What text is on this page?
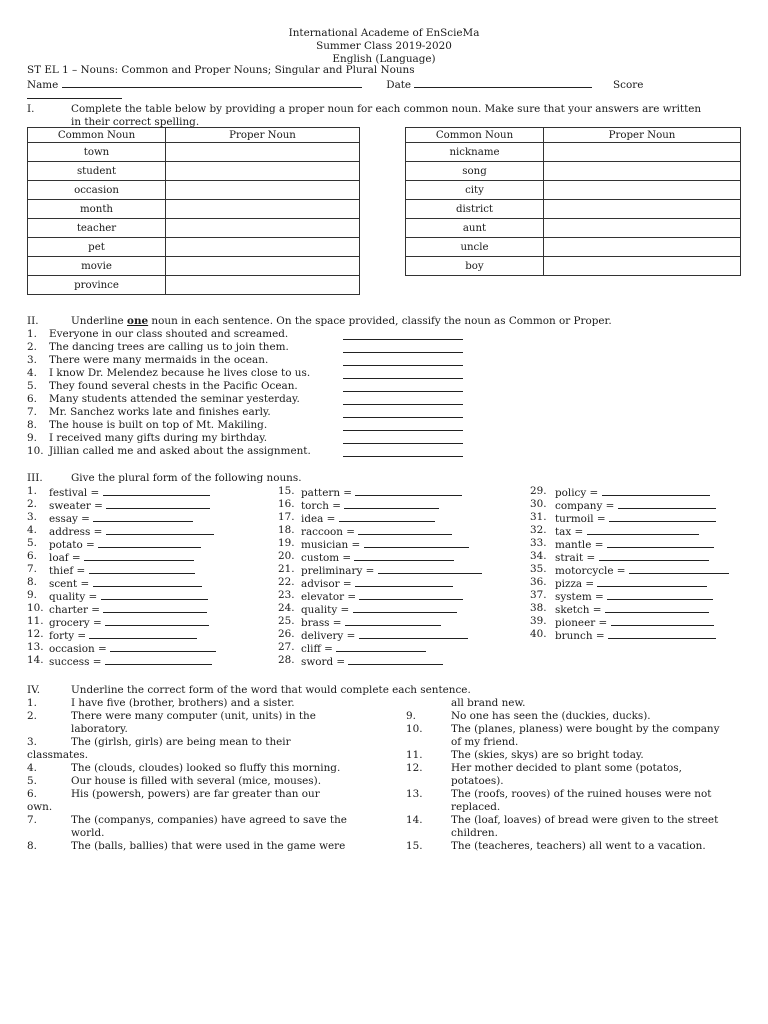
International Academe of EnScieMa
Summer Class 2019-2020
English (Language)
ST EL 1 – Nouns: Common and Proper Nouns; Singular and Plural Nouns
Name	Date	Score
I.	Complete the table below by providing a proper noun for each common noun. Make sure that your answers are written
in their correct spelling.
Common Noun	Proper Noun
town	
student	
occasion	
month	
teacher	
pet	
movie	
province	
Common Noun	Proper Noun
nickname	
song	
city	
district	
aunt	
uncle	
boy	
II.	Underline one noun in each sentence. On the space provided, classify the noun as Common or Proper.
1. Everyone in our class shouted and screamed.
2. The dancing trees are calling us to join them.
3. There were many mermaids in the ocean.
4. I know Dr. Melendez because he lives close to us.
5. They found several chests in the Pacific Ocean.
6. Many students attended the seminar yesterday.
7. Mr. Sanchez works late and finishes early.
8. The house is built on top of Mt. Makiling.
9. I received many gifts during my birthday.
10. Jillian called me and asked about the assignment.
III.	Give the plural form of the following nouns.
1. festival =
2. sweater =
3. essay =
4. address =
5. potato =
6. loaf =
7. thief =
8. scent =
9. quality =
10. charter =
11. grocery =
12. forty =
13. occasion =
14. success =
15. pattern =
16. torch =
17. idea =
18. raccoon =
19. musician =
20. custom =
21. preliminary =
22. advisor =
23. elevator =
24. quality =
25. brass =
26. delivery =
27. cliff =
28. sword =
29. policy =
30. company =
31. turmoil =
32. tax =
33. mantle =
34. strait =
35. motorcycle =
36. pizza =
37. system =
38. sketch =
39. pioneer =
40. brunch =
IV.	Underline the correct form of the word that would complete each sentence.
all brand new.
1.	I have five (brother, brothers) and a sister.
2.	There were many computer (unit, units) in the
laboratory.
3.	The (girlsh, girls) are being mean to their
classmates.
4.	The (clouds, cloudes) looked so fluffy this morning.
5.	Our house is filled with several (mice, mouses).
6.	His (powersh, powers) are far greater than our
own.
7.	The (companys, companies) have agreed to save the
world.
8.	The (balls, ballies) that were used in the game were
9.	No one has seen the (duckies, ducks).
10.	The (planes, planess) were bought by the company
of my friend.
11.	The (skies, skys) are so bright today.
12.	Her mother decided to plant some (potatos,
potatoes).
13.	The (roofs, rooves) of the ruined houses were not
replaced.
14.	The (loaf, loaves) of bread were given to the street
children.
15.	The (teacheres, teachers) all went to a vacation.
